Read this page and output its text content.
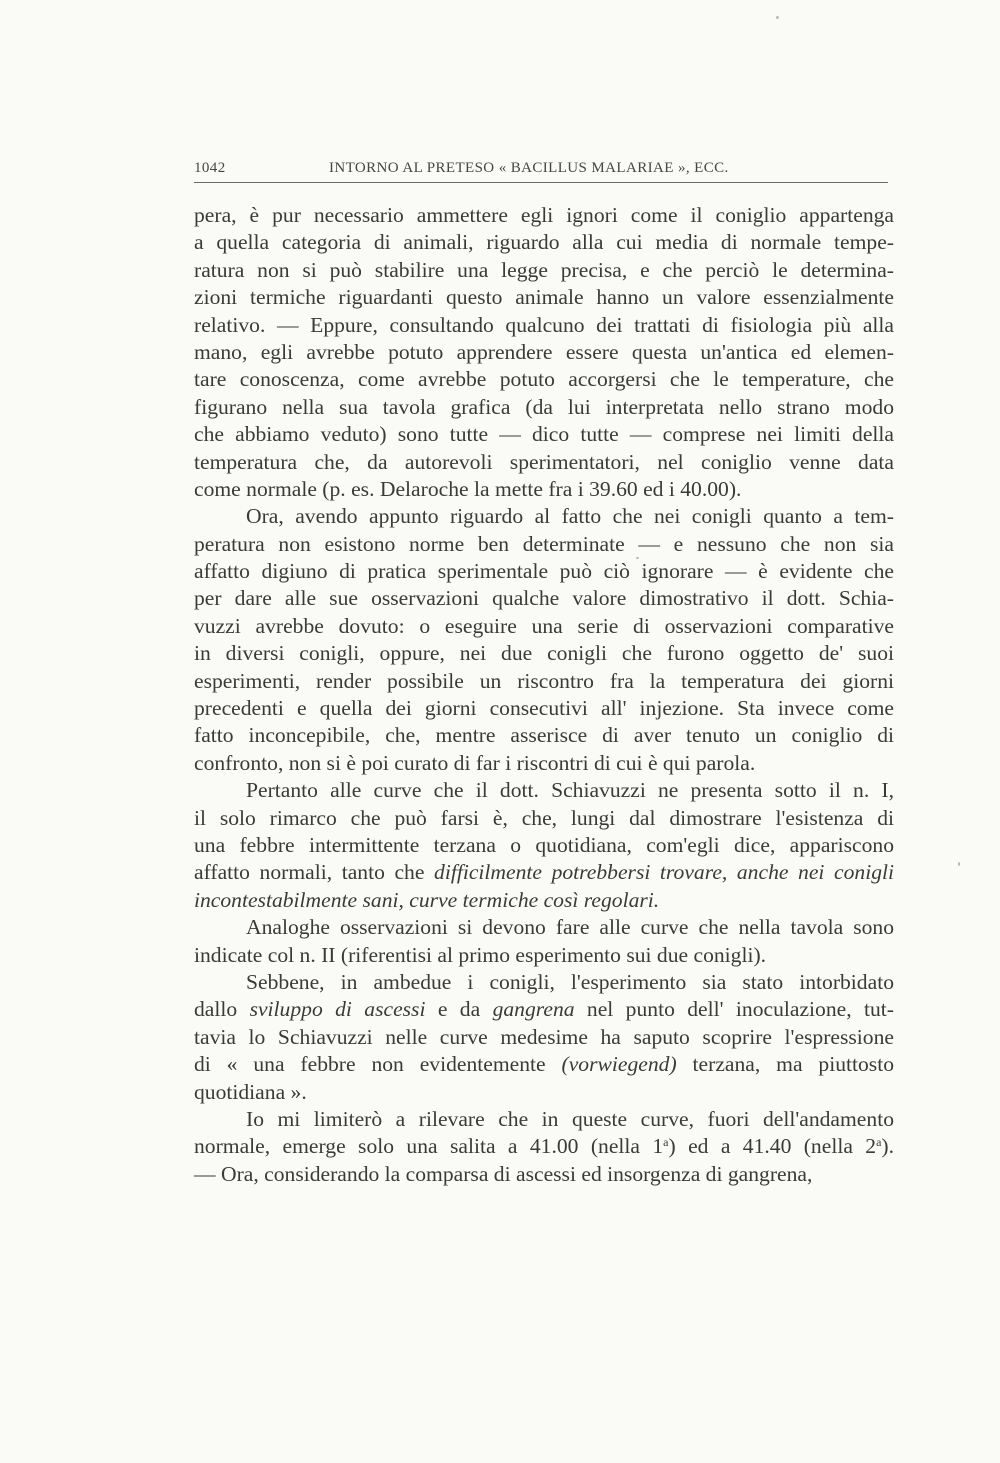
1042	INTORNO AL PRETESO « BACILLUS MALARIAE », ECC.
pera, è pur necessario ammettere egli ignori come il coniglio appartenga
a quella categoria di animali, riguardo alla cui media di normale tempe-
ratura non si può stabilire una legge precisa, e che perciò le determina-
zioni termiche riguardanti questo animale hanno un valore essenzialmente
relativo. — Eppure, consultando qualcuno dei trattati di fisiologia più alla
mano, egli avrebbe potuto apprendere essere questa un'antica ed elemen-
tare conoscenza, come avrebbe potuto accorgersi che le temperature, che
figurano nella sua tavola grafica (da lui interpretata nello strano modo
che abbiamo veduto) sono tutte — dico tutte — comprese nei limiti della
temperatura che, da autorevoli sperimentatori, nel coniglio venne data
come normale (p. es. Delaroche la mette fra i 39.60 ed i 40.00).
Ora, avendo appunto riguardo al fatto che nei conigli quanto a tem-
peratura non esistono norme ben determinate — e nessuno che non sia
affatto digiuno di pratica sperimentale può ciò ignorare — è evidente che
per dare alle sue osservazioni qualche valore dimostrativo il dott. Schia-
vuzzi avrebbe dovuto: o eseguire una serie di osservazioni comparative
in diversi conigli, oppure, nei due conigli che furono oggetto de' suoi
esperimenti, render possibile un riscontro fra la temperatura dei giorni
precedenti e quella dei giorni consecutivi all' injezione. Sta invece come
fatto inconcepibile, che, mentre asserisce di aver tenuto un coniglio di
confronto, non si è poi curato di far i riscontri di cui è qui parola.
Pertanto alle curve che il dott. Schiavuzzi ne presenta sotto il n. I,
il solo rimarco che può farsi è, che, lungi dal dimostrare l'esistenza di
una febbre intermittente terzana o quotidiana, com'egli dice, appariscono
affatto normali, tanto che difficilmente potrebbersi trovare, anche nei conigli
incontestabilmente sani, curve termiche così regolari.
Analoghe osservazioni si devono fare alle curve che nella tavola sono
indicate col n. II (riferentisi al primo esperimento sui due conigli).
Sebbene, in ambedue i conigli, l'esperimento sia stato intorbidato
dallo sviluppo di ascessi e da gangrena nel punto dell' inoculazione, tut-
tavia lo Schiavuzzi nelle curve medesime ha saputo scoprire l'espressione
di « una febbre non evidentemente (vorwiegend) terzana, ma piuttosto
quotidiana ».
Io mi limiterò a rilevare che in queste curve, fuori dell'andamento
normale, emerge solo una salita a 41.00 (nella 1$^a$) ed a 41.40 (nella 2$^a$).
— Ora, considerando la comparsa di ascessi ed insorgenza di gangrena,
